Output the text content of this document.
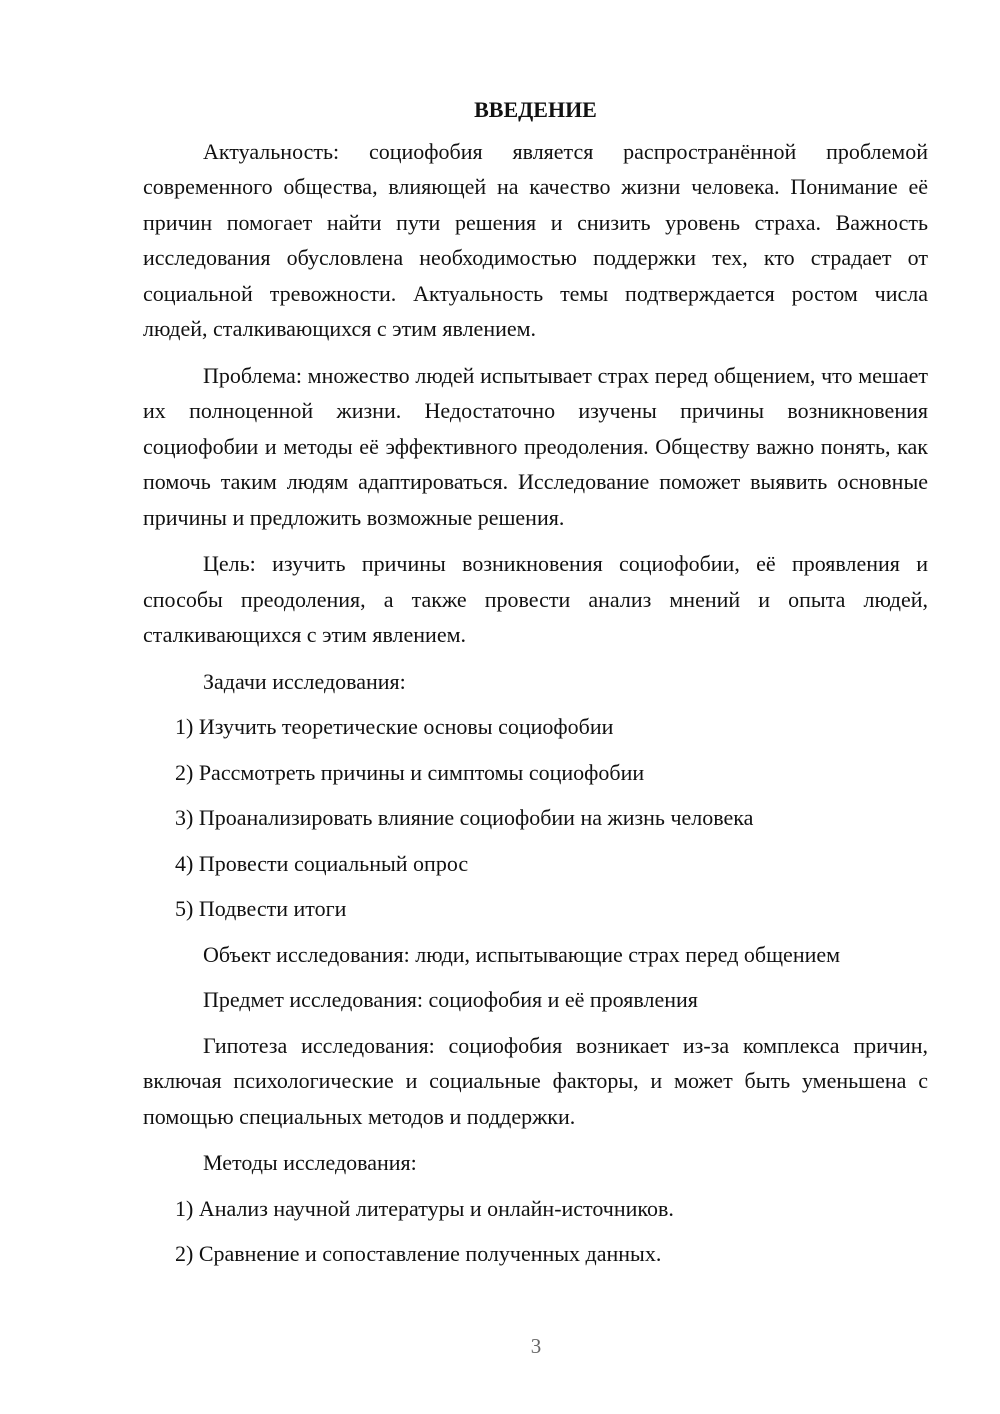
ВВЕДЕНИЕ

Актуальность: социофобия является распространённой проблемой современного общества, влияющей на качество жизни человека. Понимание её причин помогает найти пути решения и снизить уровень страха. Важность исследования обусловлена необходимостью поддержки тех, кто страдает от социальной тревожности. Актуальность темы подтверждается ростом числа людей, сталкивающихся с этим явлением.

Проблема: множество людей испытывает страх перед общением, что мешает их полноценной жизни. Недостаточно изучены причины возникновения социофобии и методы её эффективного преодоления. Обществу важно понять, как помочь таким людям адаптироваться. Исследование поможет выявить основные причины и предложить возможные решения.

Цель: изучить причины возникновения социофобии, её проявления и способы преодоления, а также провести анализ мнений и опыта людей, сталкивающихся с этим явлением.

Задачи исследования:

1) Изучить теоретические основы социофобии

2) Рассмотреть причины и симптомы социофобии

3) Проанализировать влияние социофобии на жизнь человека

4) Провести социальный опрос

5) Подвести итоги

Объект исследования: люди, испытывающие страх перед общением

Предмет исследования: социофобия и её проявления

Гипотеза исследования: социофобия возникает из-за комплекса причин, включая психологические и социальные факторы, и может быть уменьшена с помощью специальных методов и поддержки.

Методы исследования:

1) Анализ научной литературы и онлайн-источников.

2) Сравнение и сопоставление полученных данных.

3
